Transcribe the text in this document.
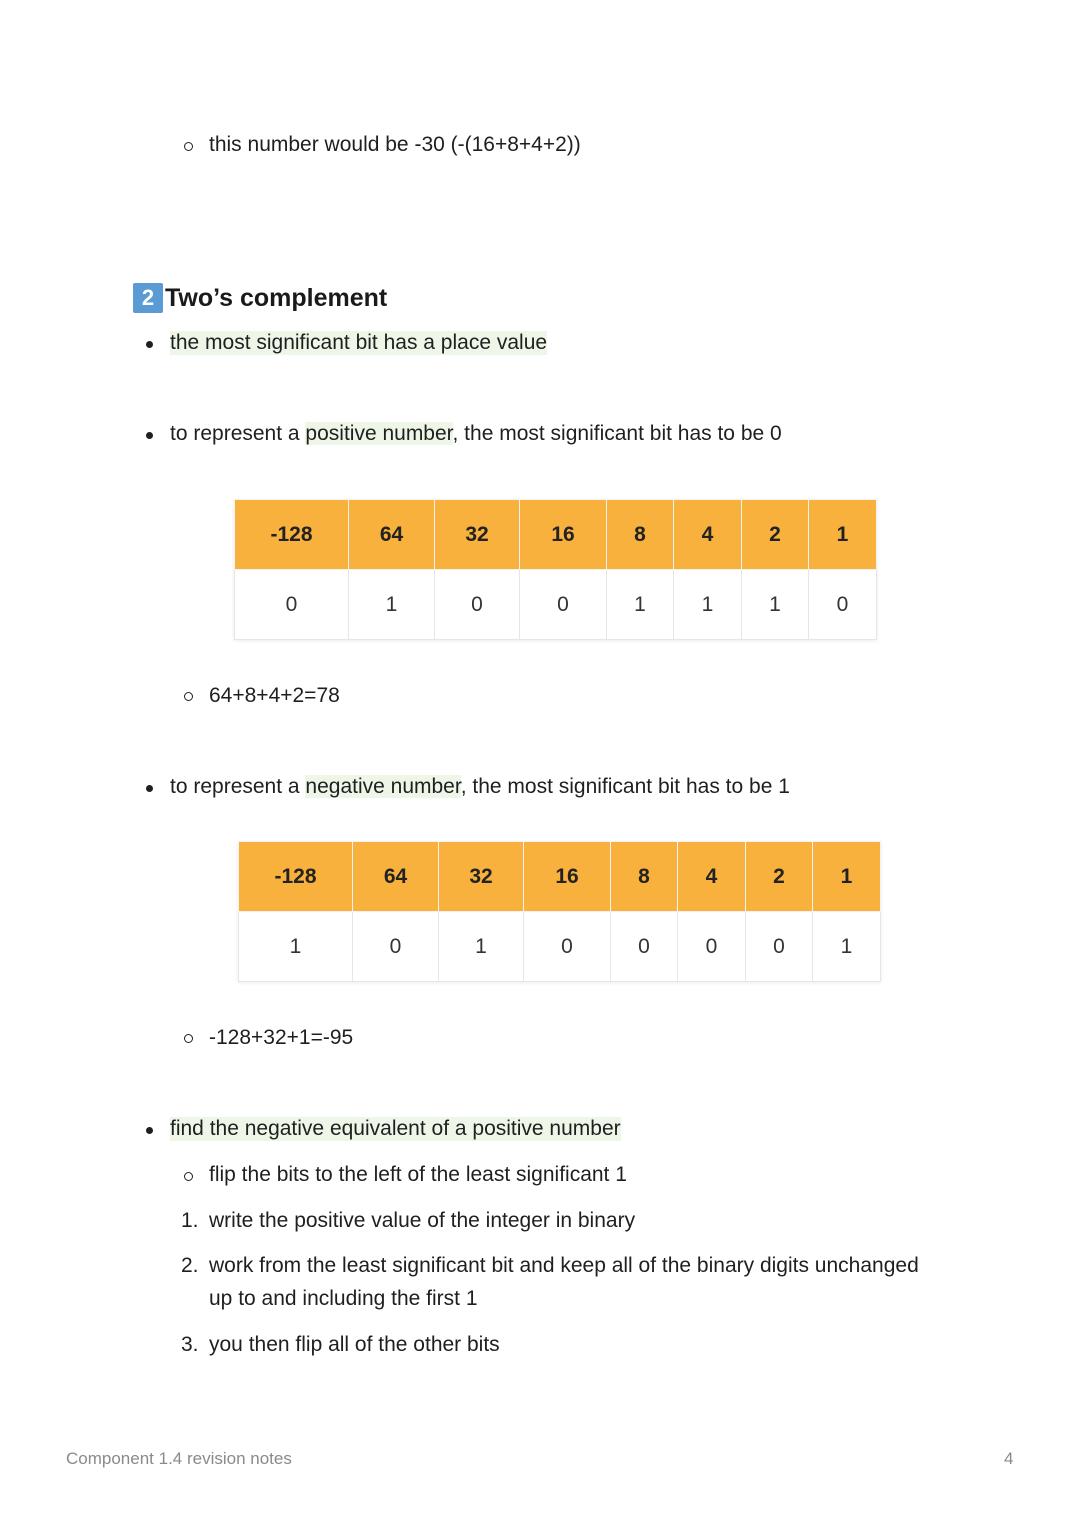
this number would be -30 (-(16+8+4+2))
2 Two’s complement
the most significant bit has a place value
to represent a positive number, the most significant bit has to be 0
-128	64	32	16	8	4	2	1
0	1	0	0	1	1	1	0
64+8+4+2=78
to represent a negative number, the most significant bit has to be 1
-128	64	32	16	8	4	2	1
1	0	1	0	0	0	0	1
-128+32+1=-95
find the negative equivalent of a positive number
flip the bits to the left of the least significant 1
1. write the positive value of the integer in binary
2. work from the least significant bit and keep all of the binary digits unchanged
up to and including the first 1
3. you then flip all of the other bits
Component 1.4 revision notes	4
